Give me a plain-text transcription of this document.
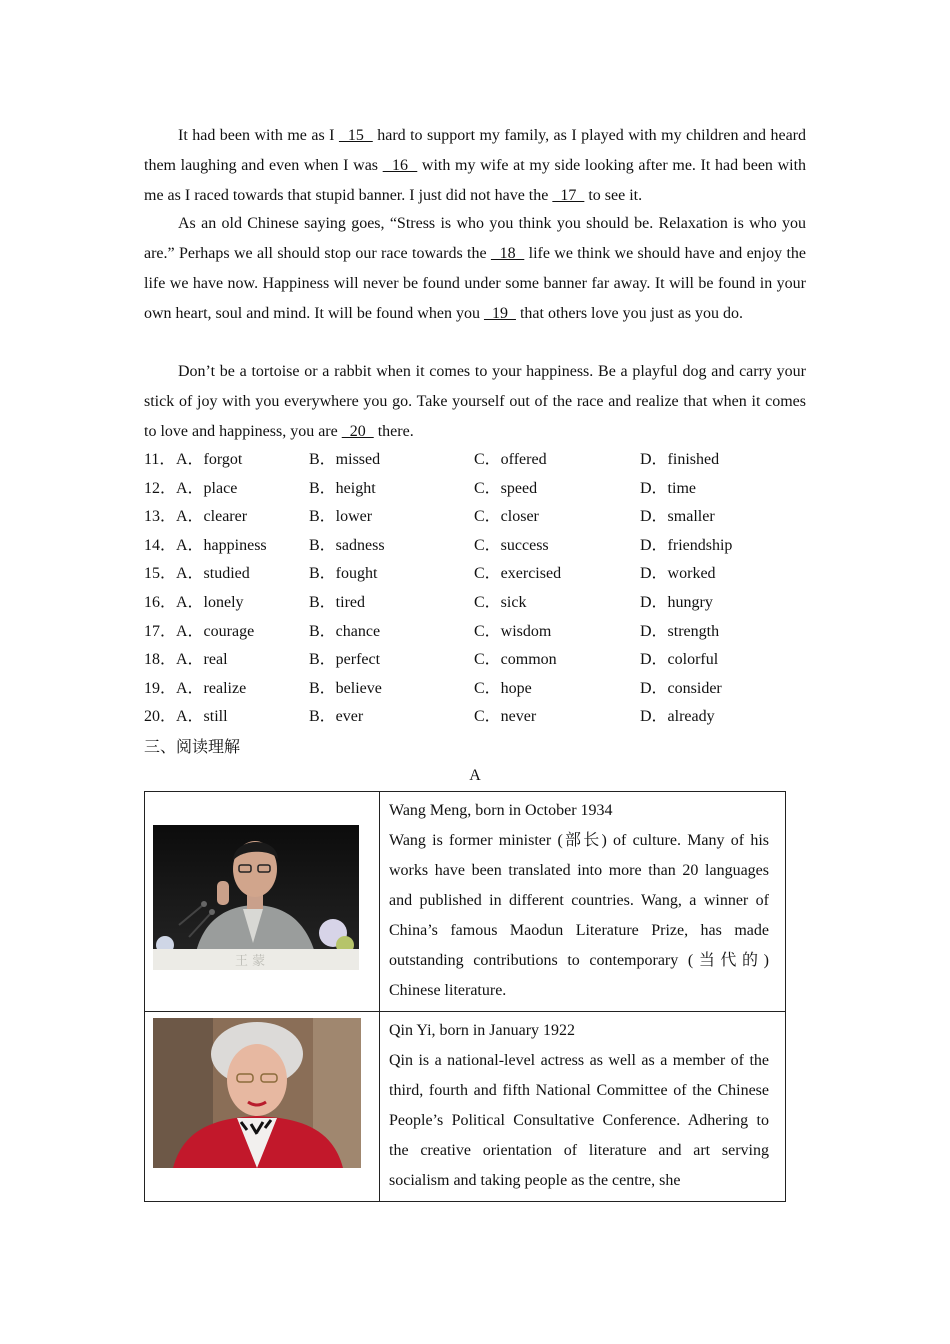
It had been with me as I   15   hard to support my family, as I played with my children and heard them laughing and even when I was   16   with my wife at my side looking after me. It had been with me as I raced towards that stupid banner. I just did not have the   17   to see it.

As an old Chinese saying goes, “Stress is who you think you should be. Relaxation is who you are.” Perhaps we all should stop our race towards the   18   life we think we should have and enjoy the life we have now. Happiness will never be found under some banner far away. It will be found in your own heart, soul and mind. It will be found when you   19   that others love you just as you do.

Don’t be a tortoise or a rabbit when it comes to your happiness. Be a playful dog and carry your stick of joy with you everywhere you go. Take yourself out of the race and realize that when it comes to love and happiness, you are   20   there.

11． A．forgot	B．missed	C．offered	D．finished
12． A．place	B．height	C．speed	D．time
13． A．clearer	B．lower	C．closer	D．smaller
14． A．happiness	B．sadness	C．success	D．friendship
15． A．studied	B．fought	C．exercised	D．worked
16． A．lonely	B．tired	C．sick	D．hungry
17． A．courage	B．chance	C．wisdom	D．strength
18． A．real	B．perfect	C．common	D．colorful
19． A．realize	B．believe	C．hope	D．consider
20． A．still	B．ever	C．never	D．already
三、阅读理解
A
王 蒙

Wang Meng, born in October 1934

Wang is former minister (部长) of culture. Many of his works have been translated into more than 20 languages and published in different countries. Wang, a winner of China’s famous Maodun Literature Prize, has made outstanding contributions to contemporary (当代的) Chinese literature.

Qin Yi, born in January 1922

Qin is a national-level actress as well as a member of the third, fourth and fifth National Committee of the Chinese People’s Political Consultative Conference. Adhering to the creative orientation of literature and art serving socialism and taking people as the centre, she
